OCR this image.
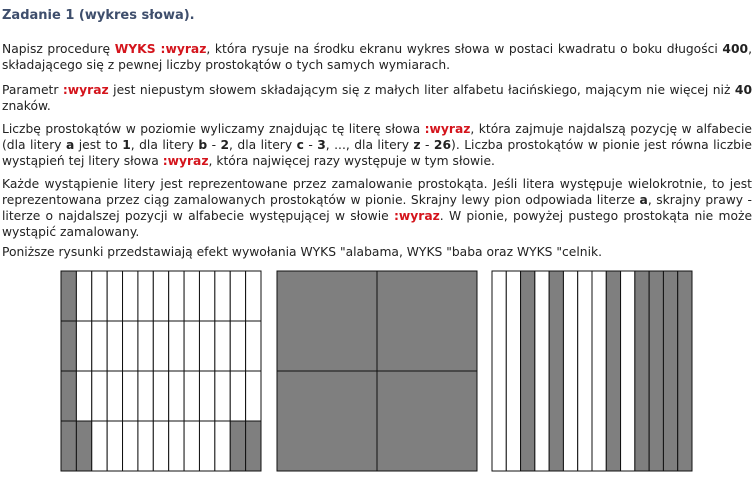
Zadanie 1 (wykres słowa).

Napisz procedurę WYKS :wyraz, która rysuje na środku ekranu wykres słowa w postaci kwadratu o boku długości 400, składającego się z pewnej liczby prostokątów o tych samych wymiarach.

Parametr :wyraz jest niepustym słowem składającym się z małych liter alfabetu łacińskiego, mającym nie więcej niż 40 znaków.

Liczbę prostokątów w poziomie wyliczamy znajdując tę literę słowa :wyraz, która zajmuje najdalszą pozycję w alfabecie (dla litery a jest to 1, dla litery b - 2, dla litery c - 3, ..., dla litery z - 26). Liczba prostokątów w pionie jest równa liczbie wystąpień tej litery słowa :wyraz, która najwięcej razy występuje w tym słowie.

Każde wystąpienie litery jest reprezentowane przez zamalowanie prostokąta. Jeśli litera występuje wielokrotnie, to jest reprezentowana przez ciąg zamalowanych prostokątów w pionie. Skrajny lewy pion odpowiada literze a, skrajny prawy - literze o najdalszej pozycji w alfabecie występującej w słowie :wyraz. W pionie, powyżej pustego prostokąta nie może wystąpić zamalowany.

Poniższe rysunki przedstawiają efekt wywołania WYKS "alabama, WYKS "baba oraz WYKS "celnik.
